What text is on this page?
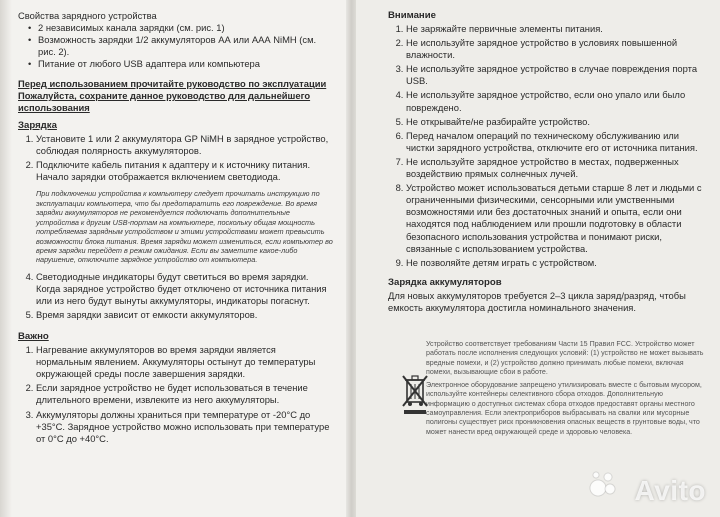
Свойства зарядного устройства
• 2 независимых канала зарядки (см. рис. 1)
• Возможность зарядки 1/2 аккумуляторов АА или ААА NiMH (см. рис. 2).
• Питание от любого USB адаптера или компьютера
Перед использованием прочитайте руководство по эксплуатации Пожалуйста, сохраните данное руководство для дальнейшего использования
Зарядка
1. Установите 1 или 2 аккумулятора GP NiMH в зарядное устройство, соблюдая полярность аккумуляторов.
2. Подключите кабель питания к адаптеру и к источнику питания. Начало зарядки отображается включением светодиода.
При подключении устройства к компьютеру следует прочитать инструкцию по эксплуатации компьютера, что бы предотвратить его повреждение. Во время зарядки аккумуляторов не рекомендуется подключать дополнительные устройства к другим USB-портам на компьютере, поскольку общая мощность потребляемая зарядным устройством и этими устройствами может превысить возможности блока питания. Время зарядки может измениться, если компьютер во время зарядки перейдет в режим ожидания. Если вы заметите какое-либо нарушение, отключите зарядное устройство от компьютера.
4. Светодиодные индикаторы будут светиться во время зарядки. Когда зарядное устройство будет отключено от источника питания или из него будут вынуты аккумуляторы, индикаторы погаснут.
5. Время зарядки зависит от емкости аккумуляторов.
Важно
1. Нагревание аккумуляторов во время зарядки является нормальным явлением. Аккумуляторы остынут до температуры окружающей среды после завершения зарядки.
2. Если зарядное устройство не будет использоваться в течение длительного времени, извлеките из него аккумуляторы.
3. Аккумуляторы должны храниться при температуре от -20°C до +35°C. Зарядное устройство можно использовать при температуре от 0°C до +40°C.
Внимание
1. Не заряжайте первичные элементы питания.
2. Не используйте зарядное устройство в условиях повышенной влажности.
3. Не используйте зарядное устройство в случае повреждения порта USB.
4. Не используйте зарядное устройство, если оно упало или было повреждено.
5. Не открывайте/не разбирайте устройство.
6. Перед началом операций по техническому обслуживанию или чистки зарядного устройства, отключите его от источника питания.
7. Не используйте зарядное устройство в местах, подверженных воздействию прямых солнечных лучей.
8. Устройство может использоваться детьми старше 8 лет и людьми с ограниченными физическими, сенсорными или умственными возможностями или без достаточных знаний и опыта, если они находятся под наблюдением или прошли подготовку в области безопасного использования устройства и понимают риски, связанные с использованием устройства.
9. Не позволяйте детям играть с устройством.
Зарядка аккумуляторов
Для новых аккумуляторов требуется 2–3 цикла заряд/разряд, чтобы емкость аккумулятора достигла номинального значения.
Устройство соответствует требованиям Части 15 Правил FCC. Устройство может работать после исполнения следующих условий: (1) устройство не может вызывать вредные помехи, и (2) устройство должно принимать любые помехи, включая помехи, вызывающие сбои в работе.
Электронное оборудование запрещено утилизировать вместе с бытовым мусором, используйте контейнеры селективного сбора отходов. Дополнительную информацию о доступных системах сбора отходов предоставят органы местного самоуправления. Если электроприборов выбрасывать на свалки или мусорные полигоны существует риск проникновения опасных веществ в грунтовые воды, что может нанести вред окружающей среде и здоровью человека.
Avito
